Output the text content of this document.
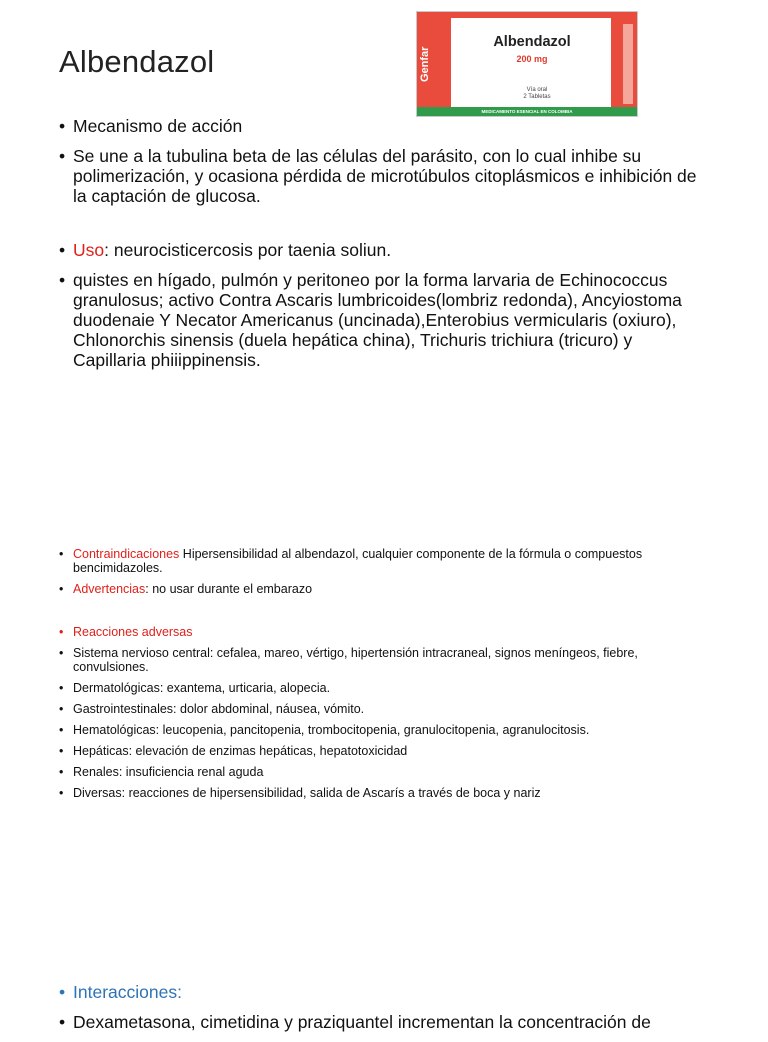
Albendazol	Genfar
Albendazol
200 mg
Vía oral
2 Tabletas
MEDICAMENTO ESENCIAL EN COLOMBIA
• Mecanismo de acción
• Se une a la tubulina beta de las células del parásito, con lo cual inhibe su polimerización, y ocasiona pérdida de microtúbulos citoplásmicos e inhibición de la captación de glucosa.
• Uso: neurocisticercosis por taenia soliun.
• quistes en hígado, pulmón y peritoneo por la forma larvaria de Echinococcus granulosus; activo Contra Ascaris lumbricoides(lombriz redonda), Ancyiostoma duodenaie Y Necator Americanus (uncinada),Enterobius vermicularis (oxiuro), Chlonorchis sinensis (duela hepática china), Trichuris trichiura (tricuro) y Capillaria phiiippinensis.
• Contraindicaciones Hipersensibilidad al albendazol, cualquier componente de la fórmula o compuestos bencimidazoles.
• Advertencias: no usar durante el embarazo
• Reacciones adversas
• Sistema nervioso central: cefalea, mareo, vértigo, hipertensión intracraneal, signos meníngeos, fiebre, convulsiones.
• Dermatológicas: exantema, urticaria, alopecia.
• Gastrointestinales: dolor abdominal, náusea, vómito.
• Hematológicas: leucopenia, pancitopenia, trombocitopenia, granulocitopenia, agranulocitosis.
• Hepáticas: elevación de enzimas hepáticas, hepatotoxicidad
• Renales: insuficiencia renal aguda
• Diversas: reacciones de hipersensibilidad, salida de Ascarís a través de boca y nariz
• Interacciones:
• Dexametasona, cimetidina y praziquantel incrementan la concentración de
